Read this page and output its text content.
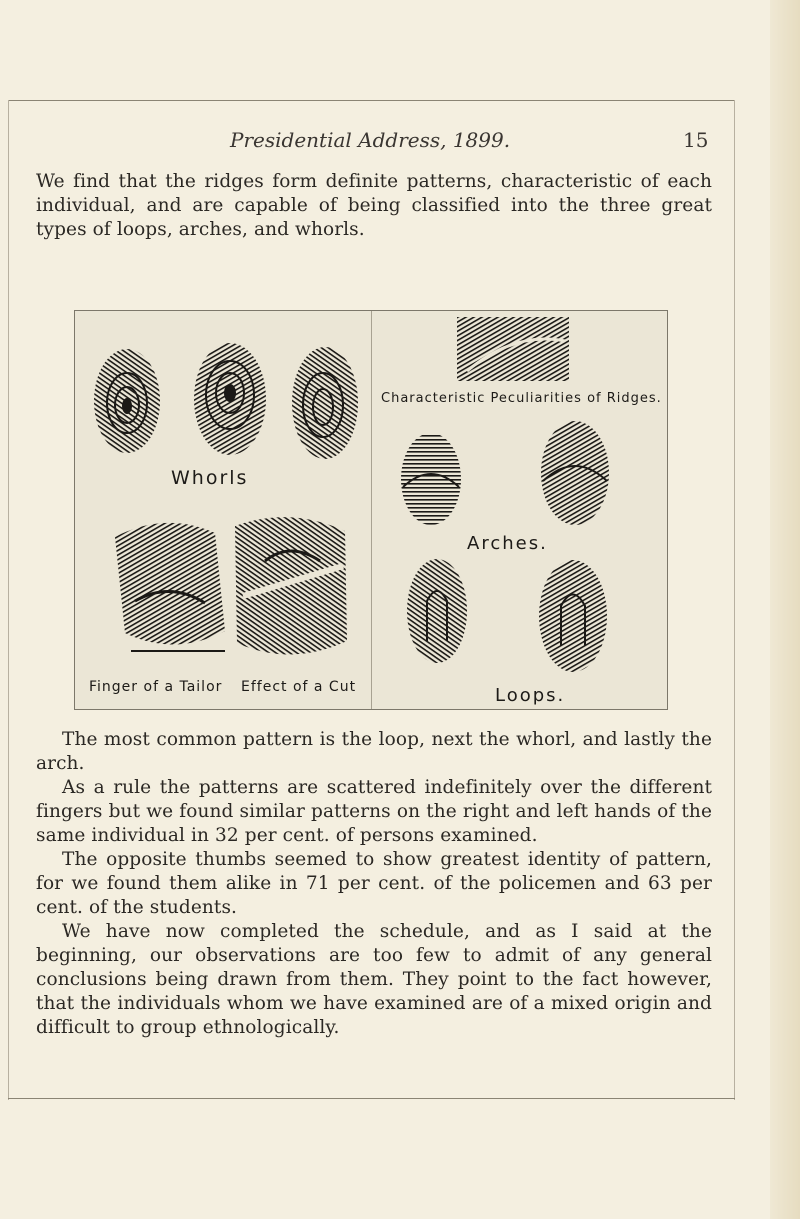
Presidential Address, 1899.	15

We find that the ridges form definite patterns, characteristic of each individual, and are capable of being classified into the three great types of loops, arches, and whorls.

Whorls
Finger of a Tailor Effect of a Cut
Characteristic Peculiarities of Ridges.
Arches.
Loops.

The most common pattern is the loop, next the whorl, and lastly the arch.

As a rule the patterns are scattered indefinitely over the different fingers but we found similar patterns on the right and left hands of the same individual in 32 per cent. of persons examined.

The opposite thumbs seemed to show greatest identity of pattern, for we found them alike in 71 per cent. of the policemen and 63 per cent. of the students.

We have now completed the schedule, and as I said at the beginning, our observations are too few to admit of any general conclusions being drawn from them. They point to the fact however, that the individuals whom we have examined are of a mixed origin and difficult to group ethnologically.
